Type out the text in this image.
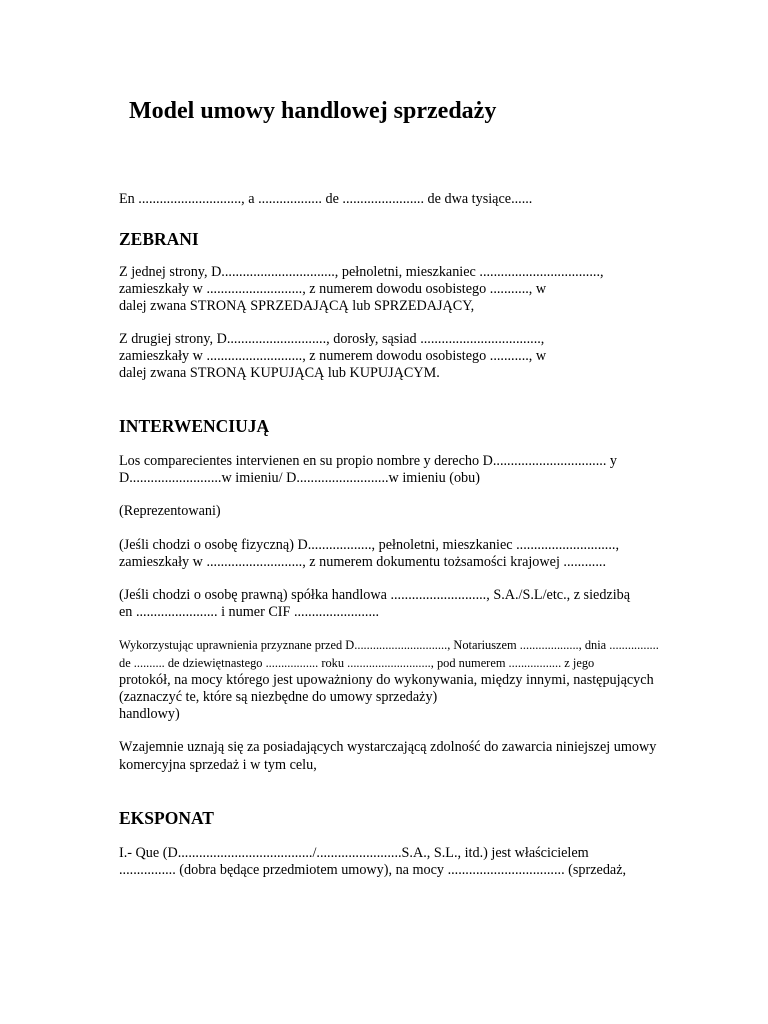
Model umowy handlowej sprzedaży

En ............................., a .................. de ....................... de dwa tysiące......

ZEBRANI

Z jednej strony, D................................, pełnoletni, mieszkaniec ..................................,

zamieszkały w ..........................., z numerem dowodu osobistego ..........., w

dalej zwana STRONĄ SPRZEDAJĄCĄ lub SPRZEDAJĄCY,

Z drugiej strony, D............................, dorosły, sąsiad ..................................,

zamieszkały w ..........................., z numerem dowodu osobistego ..........., w

dalej zwana STRONĄ KUPUJĄCĄ lub KUPUJĄCYM.

INTERWENCIUJĄ

Los comparecientes intervienen en su propio nombre y derecho D................................ y

D..........................w imieniu/ D..........................w imieniu (obu)

(Reprezentowani)

(Jeśli chodzi o osobę fizyczną) D.................., pełnoletni, mieszkaniec ............................,

zamieszkały w ..........................., z numerem dokumentu tożsamości krajowej ............

(Jeśli chodzi o osobę prawną) spółka handlowa ..........................., S.A./S.L/etc., z siedzibą

en ....................... i numer CIF ........................

Wykorzystując uprawnienia przyznane przed D.............................., Notariuszem ..................., dnia ................

de .......... de dziewiętnastego ................. roku ..........................., pod numerem ................. z jego

protokół, na mocy którego jest upoważniony do wykonywania, między innymi, następujących

(zaznaczyć te, które są niezbędne do umowy sprzedaży)

handlowy)

Wzajemnie uznają się za posiadających wystarczającą zdolność do zawarcia niniejszej umowy

komercyjna sprzedaż i w tym celu,

EKSPONAT

I.- Que (D....................................../........................S.A., S.L., itd.) jest właścicielem

................ (dobra będące przedmiotem umowy), na mocy ................................. (sprzedaż,
